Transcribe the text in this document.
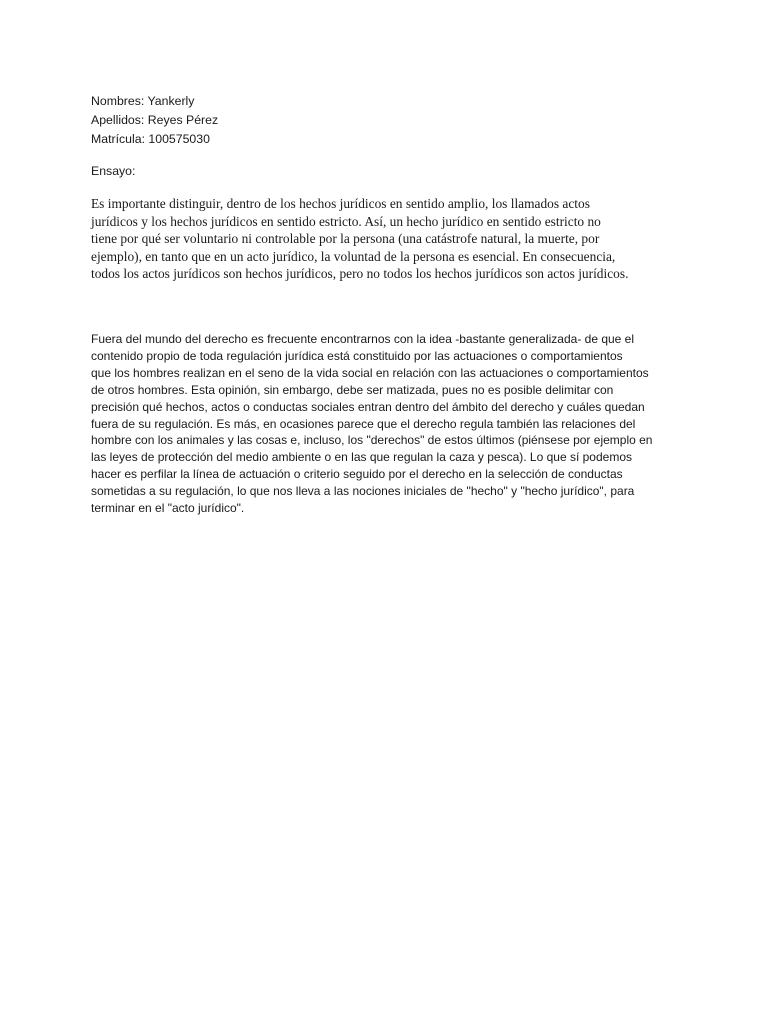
Nombres: Yankerly
Apellidos: Reyes Pérez
Matrícula: 100575030
Ensayo:
Es importante distinguir, dentro de los hechos jurídicos en sentido amplio, los llamados actos
jurídicos y los hechos jurídicos en sentido estricto. Así, un hecho jurídico en sentido estricto no
tiene por qué ser voluntario ni controlable por la persona (una catástrofe natural, la muerte, por
ejemplo), en tanto que en un acto jurídico, la voluntad de la persona es esencial. En consecuencia,
todos los actos jurídicos son hechos jurídicos, pero no todos los hechos jurídicos son actos jurídicos.
Fuera del mundo del derecho es frecuente encontrarnos con la idea -bastante generalizada- de que el
contenido propio de toda regulación jurídica está constituido por las actuaciones o comportamientos
que los hombres realizan en el seno de la vida social en relación con las actuaciones o comportamientos
de otros hombres. Esta opinión, sin embargo, debe ser matizada, pues no es posible delimitar con
precisión qué hechos, actos o conductas sociales entran dentro del ámbito del derecho y cuáles quedan
fuera de su regulación. Es más, en ocasiones parece que el derecho regula también las relaciones del
hombre con los animales y las cosas e, incluso, los "derechos" de estos últimos (piénsese por ejemplo en
las leyes de protección del medio ambiente o en las que regulan la caza y pesca). Lo que sí podemos
hacer es perfilar la línea de actuación o criterio seguido por el derecho en la selección de conductas
sometidas a su regulación, lo que nos lleva a las nociones iniciales de "hecho" y "hecho jurídico", para
terminar en el "acto jurídico".
